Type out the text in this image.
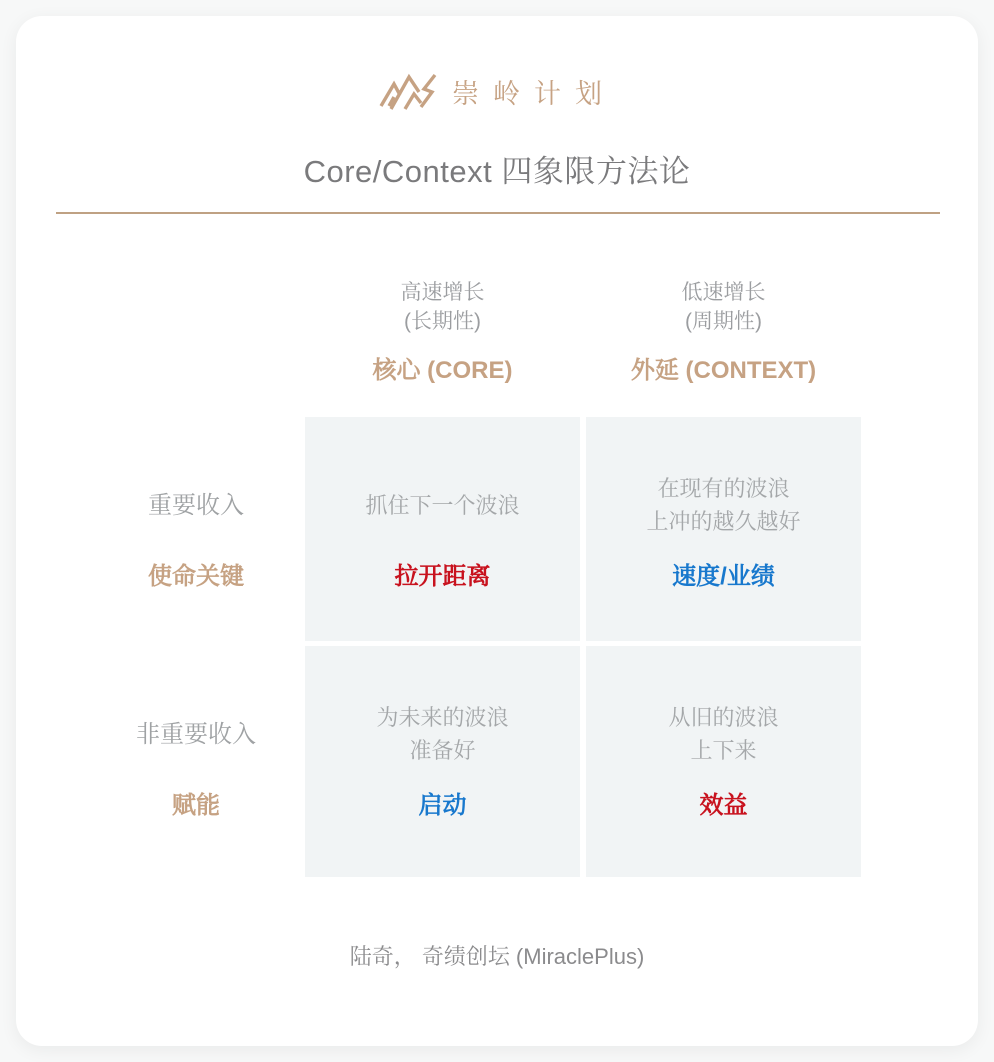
崇岭计划
Core/Context 四象限方法论
高速增长
(长期性)
核心 (CORE)
低速增长
(周期性)
外延 (CONTEXT)
重要收入
使命关键
非重要收入
赋能
抓住下一个波浪
拉开距离
在现有的波浪
上冲的越久越好
速度/业绩
为未来的波浪
准备好
启动
从旧的波浪
上下来
效益
陆奇， 奇绩创坛 (MiraclePlus)
